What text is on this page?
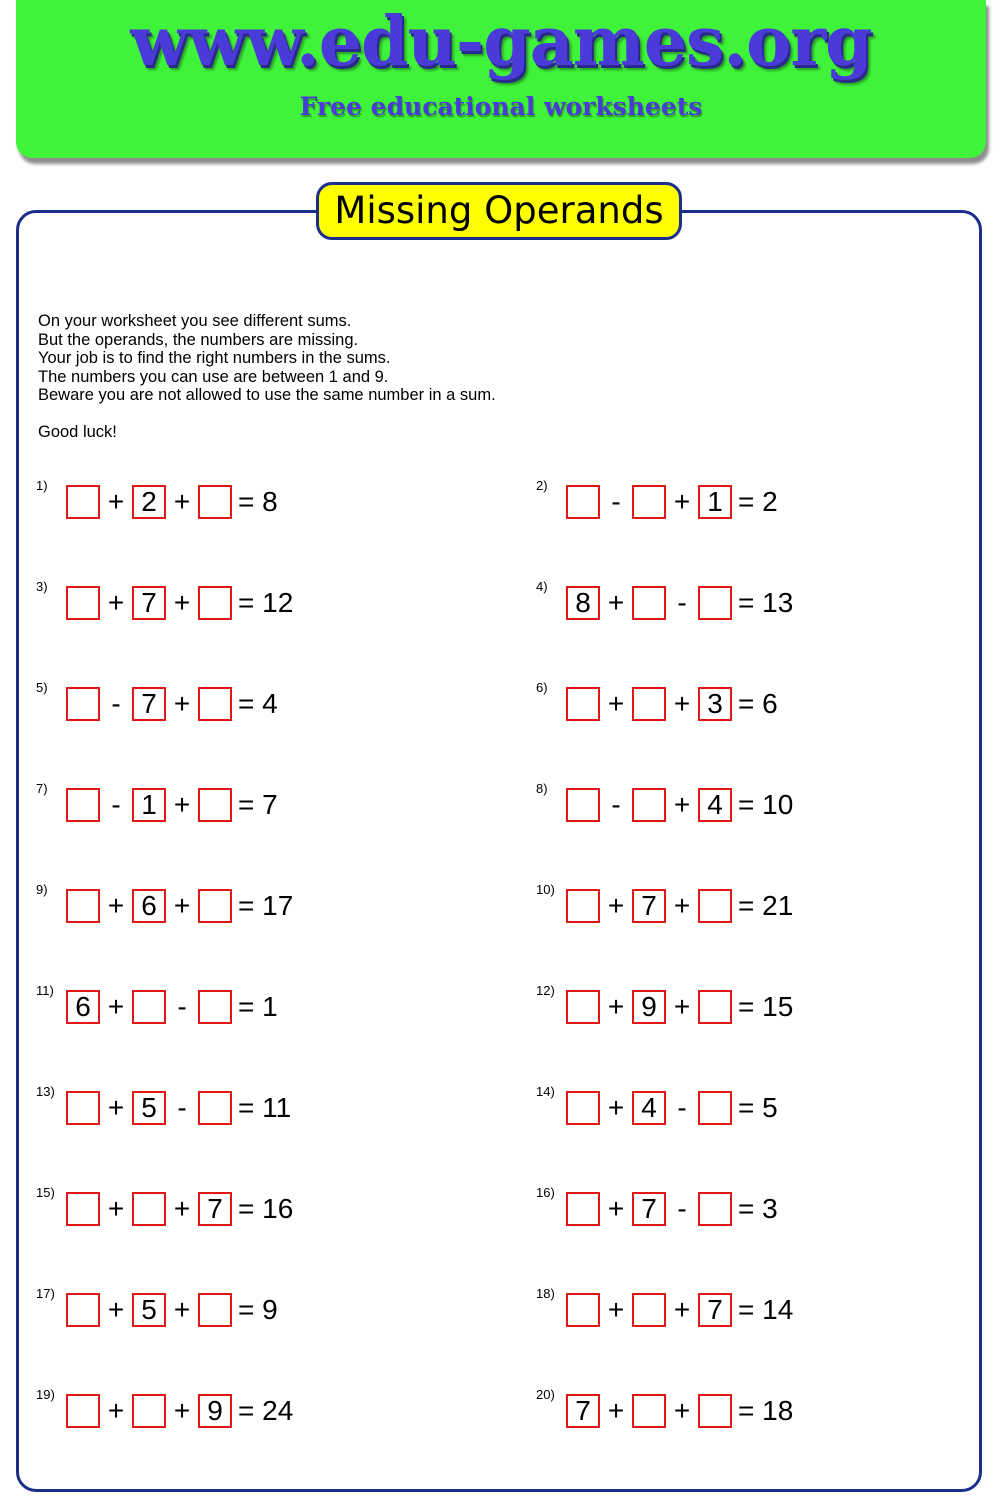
www.edu-games.org
Free educational worksheets
Missing Operands
On your worksheet you see different sums.
But the operands, the numbers are missing.
Your job is to find the right numbers in the sums.
The numbers you can use are between 1 and 9.
Beware you are not allowed to use the same number in a sum.
Good luck!
1)
+ 2 + = 8
2)
-	+ 1 = 2
3)
+ 7 + = 12
4)
8 +	-	= 13
5)
- 7 + = 4
6)
+ + 3 = 6
7)
- 1 + = 7
8)
-	+ 4 = 10
9)
+ 6 + = 17
10)
+ 7 + = 21
11)
6 +	-	= 1
12)
+ 9 + = 15
13)
+ 5 -	= 11
14)
+ 4 -	= 5
15)
+ + 7 = 16
16)
+ 7 -	= 3
17)
+ 5 + = 9
18)
+ + 7 = 14
19)
+ + 9 = 24
20)
7 + + = 18
